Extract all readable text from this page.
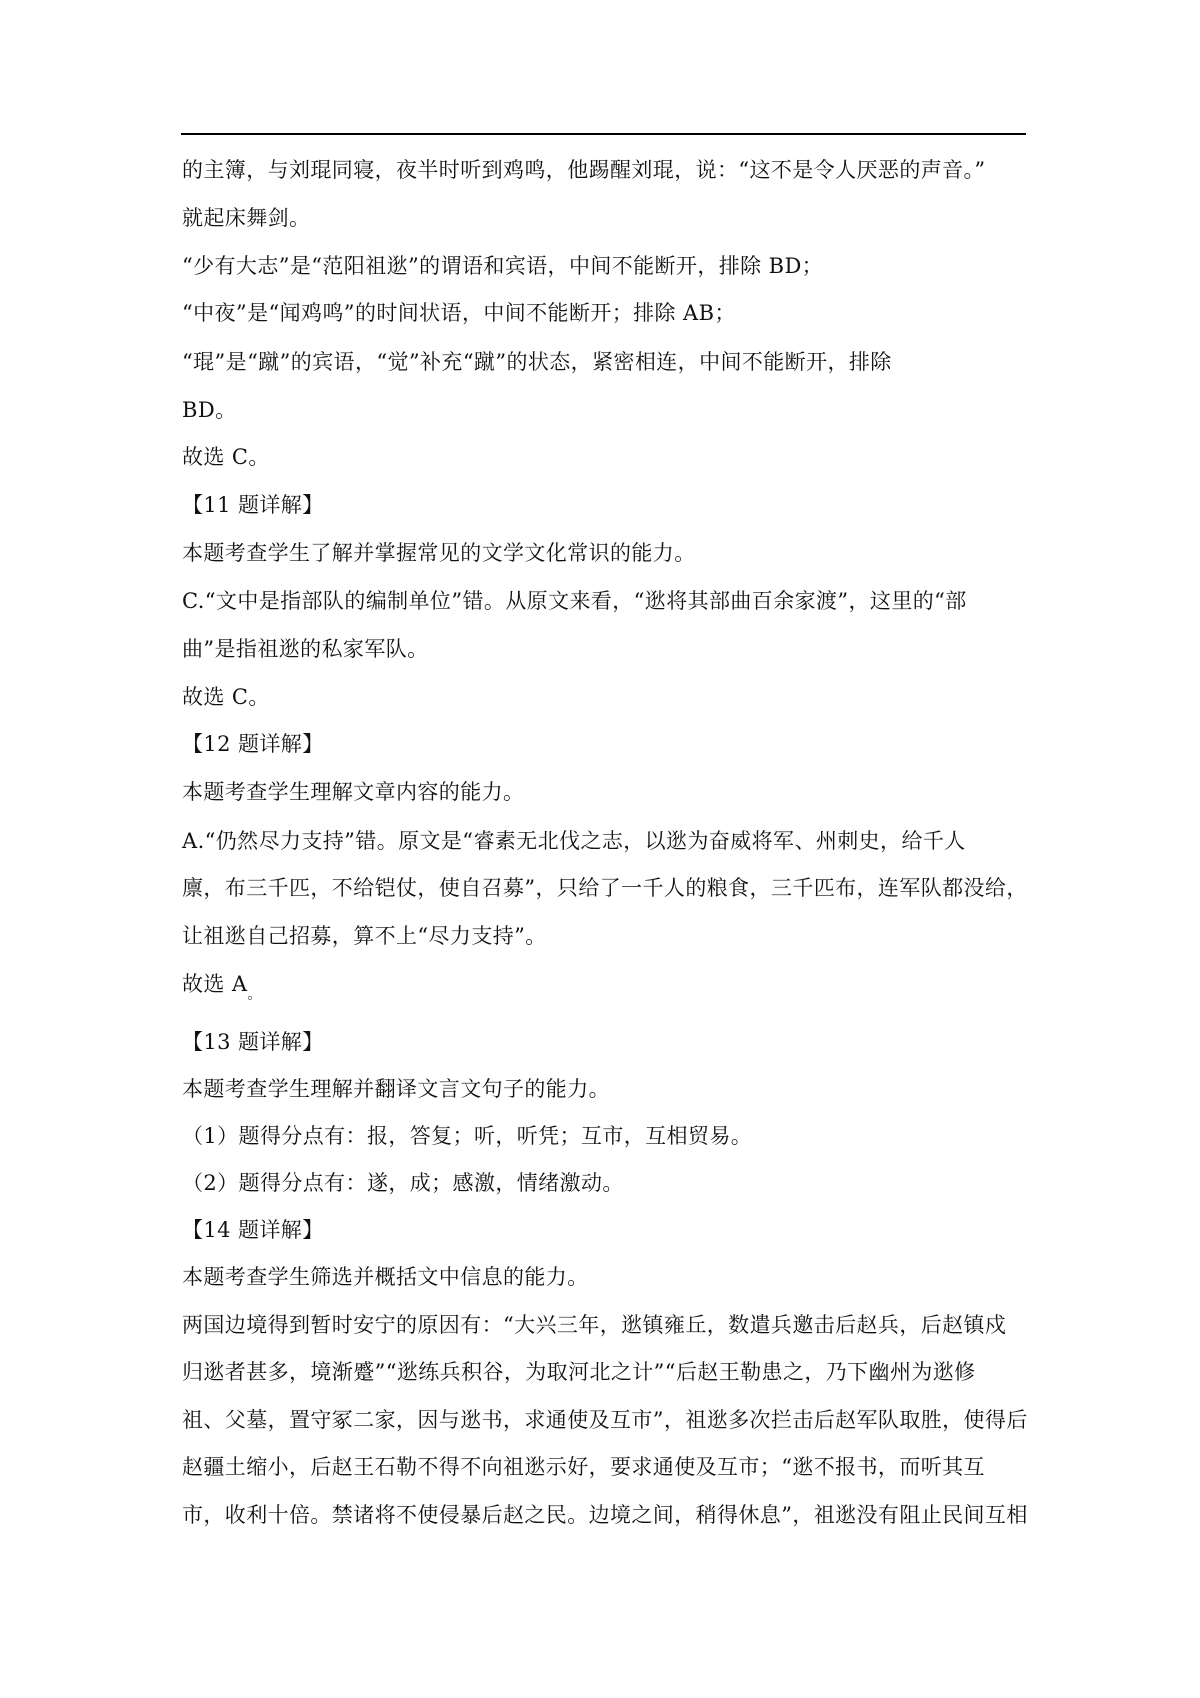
的主簿，与刘琨同寝，夜半时听到鸡鸣，他踢醒刘琨，说：“这不是令人厌恶的声音。”
就起床舞剑。
“少有大志”是“范阳祖逖”的谓语和宾语，中间不能断开，排除 BD；
“中夜”是“闻鸡鸣”的时间状语，中间不能断开；排除 AB；
“琨”是“蹴”的宾语，“觉”补充“蹴”的状态，紧密相连，中间不能断开，排除
BD。
故选 C。
【11 题详解】
本题考查学生了解并掌握常见的文学文化常识的能力。
C.“文中是指部队的编制单位”错。从原文来看，“逖将其部曲百余家渡”，这里的“部
曲”是指祖逖的私家军队。
故选 C。
【12 题详解】
本题考查学生理解文章内容的能力。
A.“仍然尽力支持”错。原文是“睿素无北伐之志，以逖为奋威将军、州刺史，给千人
廪，布三千匹，不给铠仗，使自召募”，只给了一千人的粮食，三千匹布，连军队都没给，
让祖逖自己招募，算不上“尽力支持”。
故选 $A_。$
【13 题详解】
本题考查学生理解并翻译文言文句子的能力。
（1）题得分点有：报，答复；听，听凭；互市，互相贸易。
（2）题得分点有：遂，成；感激，情绪激动。
【14 题详解】
本题考查学生筛选并概括文中信息的能力。
两国边境得到暂时安宁的原因有：“大兴三年，逖镇雍丘，数遣兵邀击后赵兵，后赵镇戍
归逖者甚多，境渐蹙”“逖练兵积谷，为取河北之计”“后赵王勒患之，乃下幽州为逖修
祖、父墓，置守冢二家，因与逖书，求通使及互市”，祖逖多次拦击后赵军队取胜，使得后
赵疆土缩小，后赵王石勒不得不向祖逖示好，要求通使及互市；“逖不报书，而听其互
市，收利十倍。禁诸将不使侵暴后赵之民。边境之间，稍得休息”，祖逖没有阻止民间互相
